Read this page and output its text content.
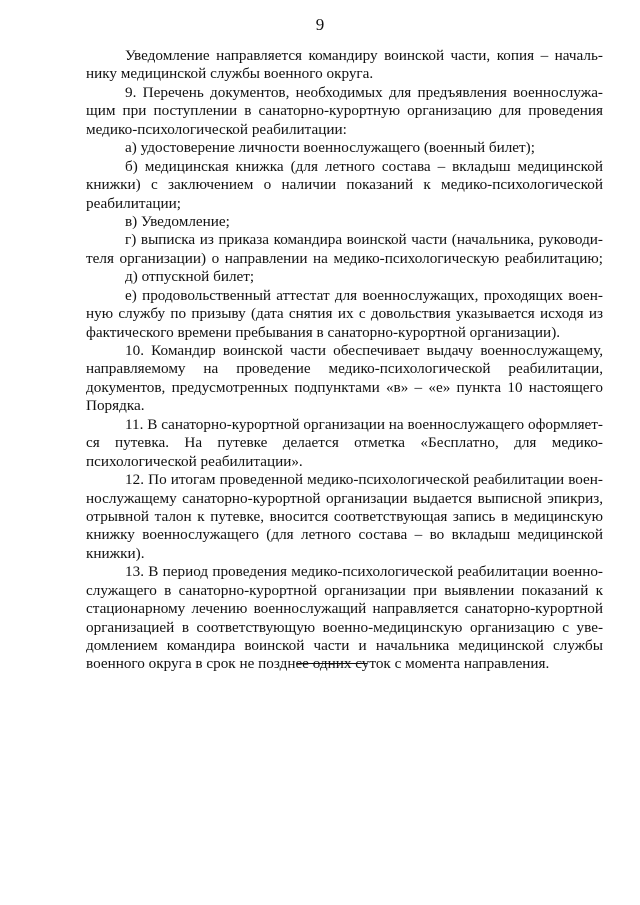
9
Уведомление направляется командиру воинской части, копия – началь-
нику медицинской службы военного округа.
9. Перечень документов, необходимых для предъявления военнослужа-
щим при поступлении в санаторно-курортную организацию для проведения
медико-психологической реабилитации:
а) удостоверение личности военнослужащего (военный билет);
б) медицинская книжка (для летного состава – вкладыш медицинской
книжки) с заключением о наличии показаний к медико-психологической
реабилитации;
в) Уведомление;
г) выписка из приказа командира воинской части (начальника, руководи-
теля организации) о направлении на медико-психологическую реабилитацию;
д) отпускной билет;
е) продовольственный аттестат для военнослужащих, проходящих воен-
ную службу по призыву (дата снятия их с довольствия указывается исходя из
фактического времени пребывания в санаторно-курортной организации).
10. Командир воинской части обеспечивает выдачу военнослужащему,
направляемому на проведение медико-психологической реабилитации,
документов, предусмотренных подпунктами «в» – «е» пункта 10 настоящего
Порядка.
11. В санаторно-курортной организации на военнослужащего оформляет-
ся путевка. На путевке делается отметка «Бесплатно, для медико-
психологической реабилитации».
12. По итогам проведенной медико-психологической реабилитации воен-
нослужащему санаторно-курортной организации выдается выписной эпикриз,
отрывной талон к путевке, вносится соответствующая запись в медицинскую
книжку военнослужащего (для летного состава – во вкладыш медицинской
книжки).
13. В период проведения медико-психологической реабилитации военно-
служащего в санаторно-курортной организации при выявлении показаний к
стационарному лечению военнослужащий направляется санаторно-курортной
организацией в соответствующую военно-медицинскую организацию с уве-
домлением командира воинской части и начальника медицинской службы
военного округа в срок не позднее одних суток с момента направления.
